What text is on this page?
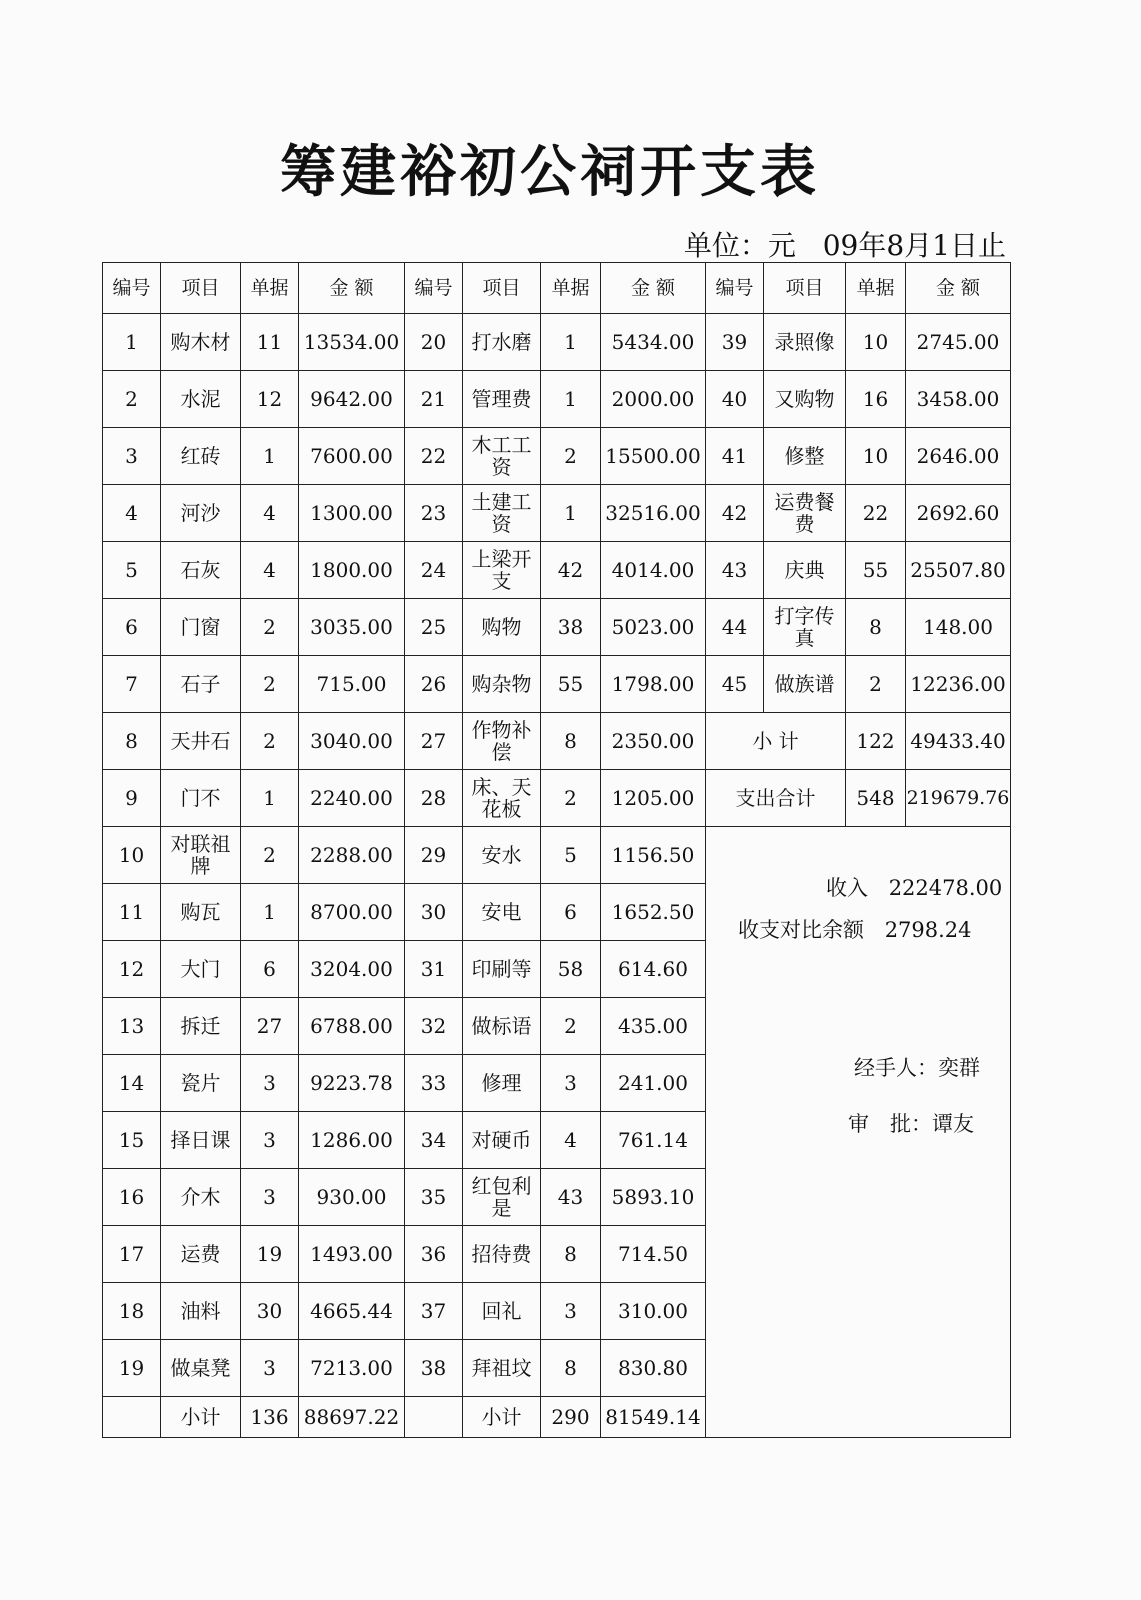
筹建裕初公祠开支表
单位：元 09年8月1日止
编号	项目	单据	金 额	编号	项目	单据	金 额	编号	项目	单据	金 额
1	购木材	11	13534.00	20	打水磨	1	5434.00	39	录照像	10	2745.00
2	水泥	12	9642.00	21	管理费	1	2000.00	40	又购物	16	3458.00
3	红砖	1	7600.00	22	木工工资	2	15500.00	41	修整	10	2646.00
4	河沙	4	1300.00	23	土建工资	1	32516.00	42	运费餐费	22	2692.60
5	石灰	4	1800.00	24	上梁开支	42	4014.00	43	庆典	55	25507.80
6	门窗	2	3035.00	25	购物	38	5023.00	44	打字传真	8	148.00
7	石子	2	715.00	26	购杂物	55	1798.00	45	做族谱	2	12236.00
8	天井石	2	3040.00	27	作物补偿	8	2350.00	小 计		122	49433.40
9	门不	1	2240.00	28	床、天花板	2	1205.00	支出合计		548	219679.76
10	对联祖牌	2	2288.00	29	安水	5	1156.50				
11	购瓦	1	8700.00	30	安电	6	1652.50				
12	大门	6	3204.00	31	印刷等	58	614.60				
13	拆迁	27	6788.00	32	做标语	2	435.00				
14	瓷片	3	9223.78	33	修理	3	241.00				
15	择日课	3	1286.00	34	对硬币	4	761.14				
16	介木	3	930.00	35	红包利是	43	5893.10				
17	运费	19	1493.00	36	招待费	8	714.50				
18	油料	30	4665.44	37	回礼	3	310.00				
19	做桌凳	3	7213.00	38	拜祖坟	8	830.80				
	小计	136	88697.22		小计	290	81549.14				
收入 222478.00
收支对比余额 2798.24
经手人：奕群
审　批：谭友
